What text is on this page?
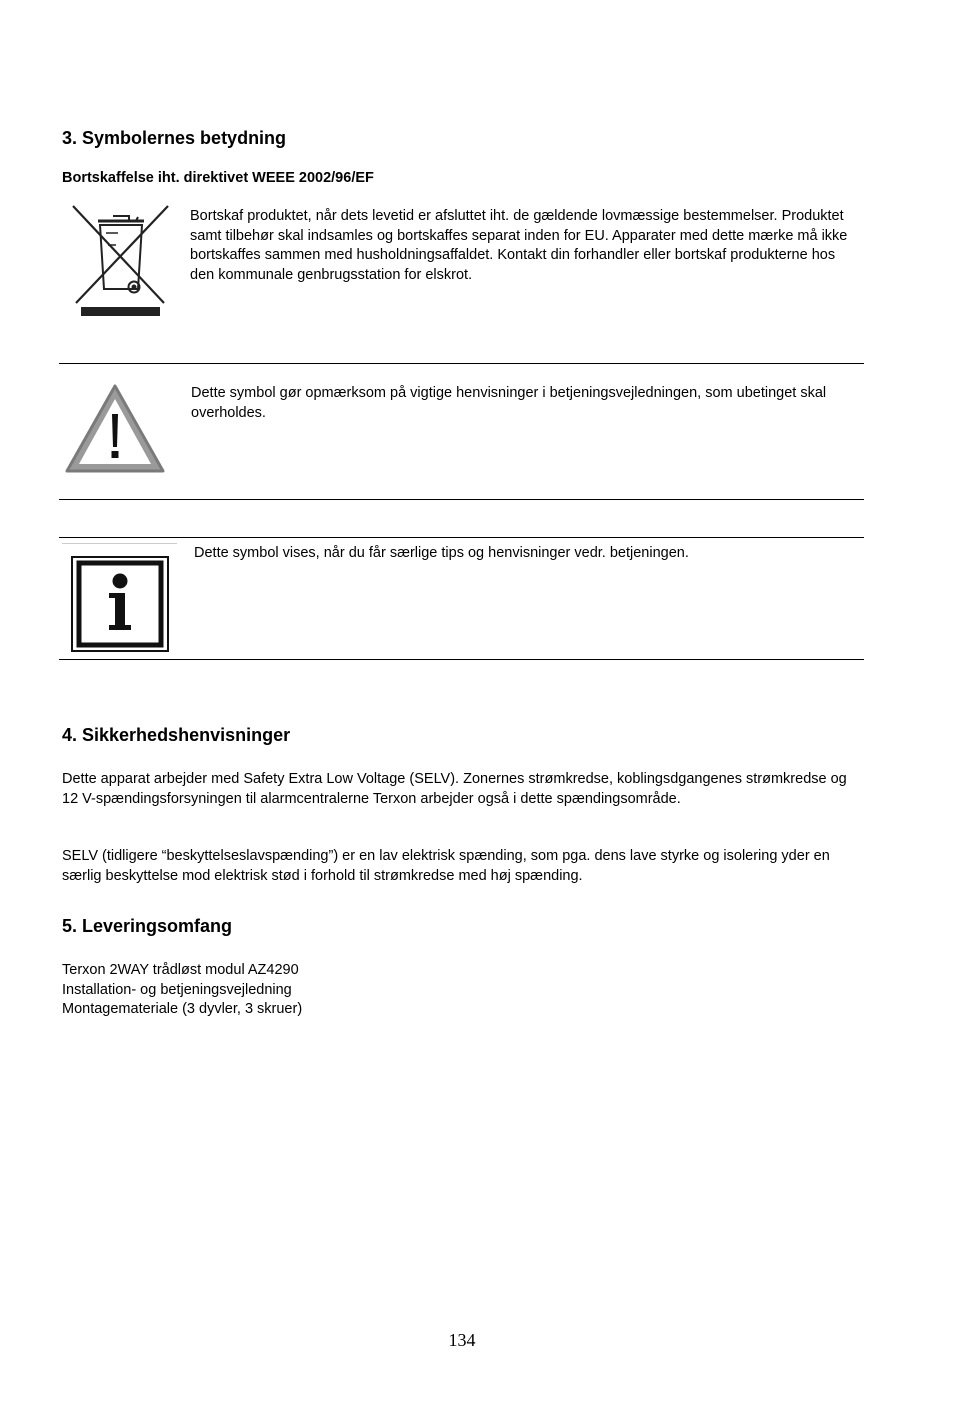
3. Symbolernes betydning
Bortskaffelse iht. direktivet WEEE 2002/96/EF
Bortskaf produktet, når dets levetid er afsluttet iht. de gældende lovmæssige bestemmelser. Produktet samt tilbehør skal indsamles og bortskaffes separat inden for EU. Apparater med dette mærke må ikke bortskaffes sammen med husholdningsaffaldet. Kontakt din forhandler eller bortskaf produkterne hos den kommunale genbrugsstation for elskrot.
Dette symbol gør opmærksom på vigtige henvisninger i betjeningsvejledningen, som ubetinget skal overholdes.
Dette symbol vises, når du får særlige tips og henvisninger vedr. betjeningen.
4. Sikkerhedshenvisninger
Dette apparat arbejder med Safety Extra Low Voltage (SELV). Zonernes strømkredse, koblingsdgangenes strømkredse og 12 V-spændingsforsyningen til alarmcentralerne Terxon arbejder også i dette spændingsområde.
SELV (tidligere “beskyttelseslavspænding”) er en lav elektrisk spænding, som pga. dens lave styrke og isolering yder en særlig beskyttelse mod elektrisk stød i forhold til strømkredse med høj spænding.
5. Leveringsomfang
Terxon 2WAY trådløst modul AZ4290
Installation- og betjeningsvejledning
Montagemateriale (3 dyvler, 3 skruer)
134
